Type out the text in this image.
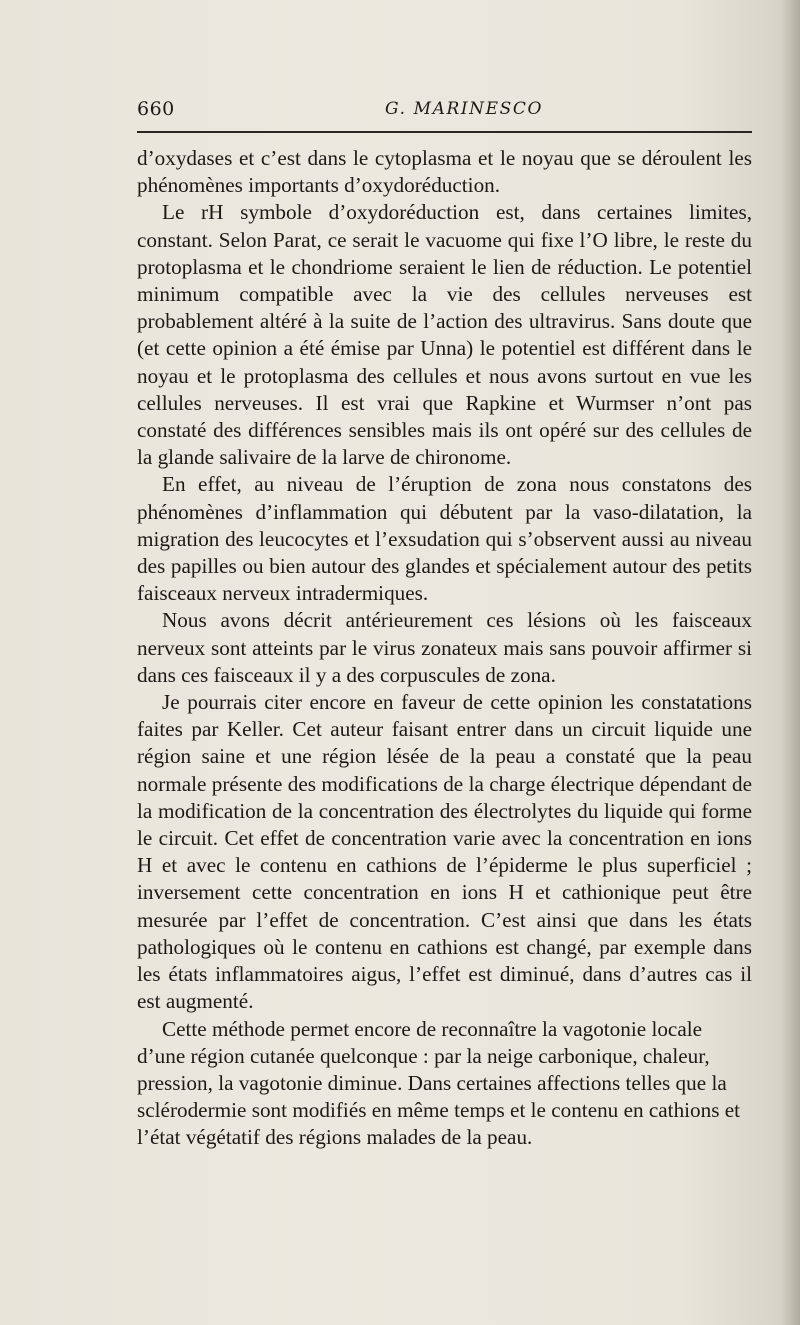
660	G. MARINESCO

d’oxydases et c’est dans le cytoplasma et le noyau que se déroulent les phénomènes importants d’oxydoréduction.

Le rH symbole d’oxydoréduction est, dans certaines limites, constant. Selon Parat, ce serait le vacuome qui fixe l’O libre, le reste du protoplasma et le chondriome seraient le lien de réduction. Le potentiel minimum compatible avec la vie des cellules nerveuses est probablement altéré à la suite de l’action des ultravirus. Sans doute que (et cette opinion a été émise par Unna) le potentiel est différent dans le noyau et le protoplasma des cellules et nous avons surtout en vue les cellules nerveuses. Il est vrai que Rapkine et Wurmser n’ont pas constaté des différences sensibles mais ils ont opéré sur des cellules de la glande salivaire de la larve de chironome.

En effet, au niveau de l’éruption de zona nous constatons des phénomènes d’inflammation qui débutent par la vaso-dilatation, la migration des leucocytes et l’exsudation qui s’observent aussi au niveau des papilles ou bien autour des glandes et spécialement autour des petits faisceaux nerveux intradermiques.

Nous avons décrit antérieurement ces lésions où les faisceaux nerveux sont atteints par le virus zonateux mais sans pouvoir affirmer si dans ces faisceaux il y a des corpuscules de zona.

Je pourrais citer encore en faveur de cette opinion les constatations faites par Keller. Cet auteur faisant entrer dans un circuit liquide une région saine et une région lésée de la peau a constaté que la peau normale présente des modifications de la charge électrique dépendant de la modification de la concentration des électrolytes du liquide qui forme le circuit. Cet effet de concentration varie avec la concentration en ions H et avec le contenu en cathions de l’épiderme le plus superficiel ; inversement cette concentration en ions H et cathionique peut être mesurée par l’effet de concentration. C’est ainsi que dans les états pathologiques où le contenu en cathions est changé, par exemple dans les états inflammatoires aigus, l’effet est diminué, dans d’autres cas il est augmenté.

Cette méthode permet encore de reconnaître la vagotonie locale d’une région cutanée quelconque : par la neige carbonique, chaleur, pression, la vagotonie diminue. Dans certaines affections telles que la sclérodermie sont modifiés en même temps et le contenu en cathions et l’état végétatif des régions malades de la peau.
